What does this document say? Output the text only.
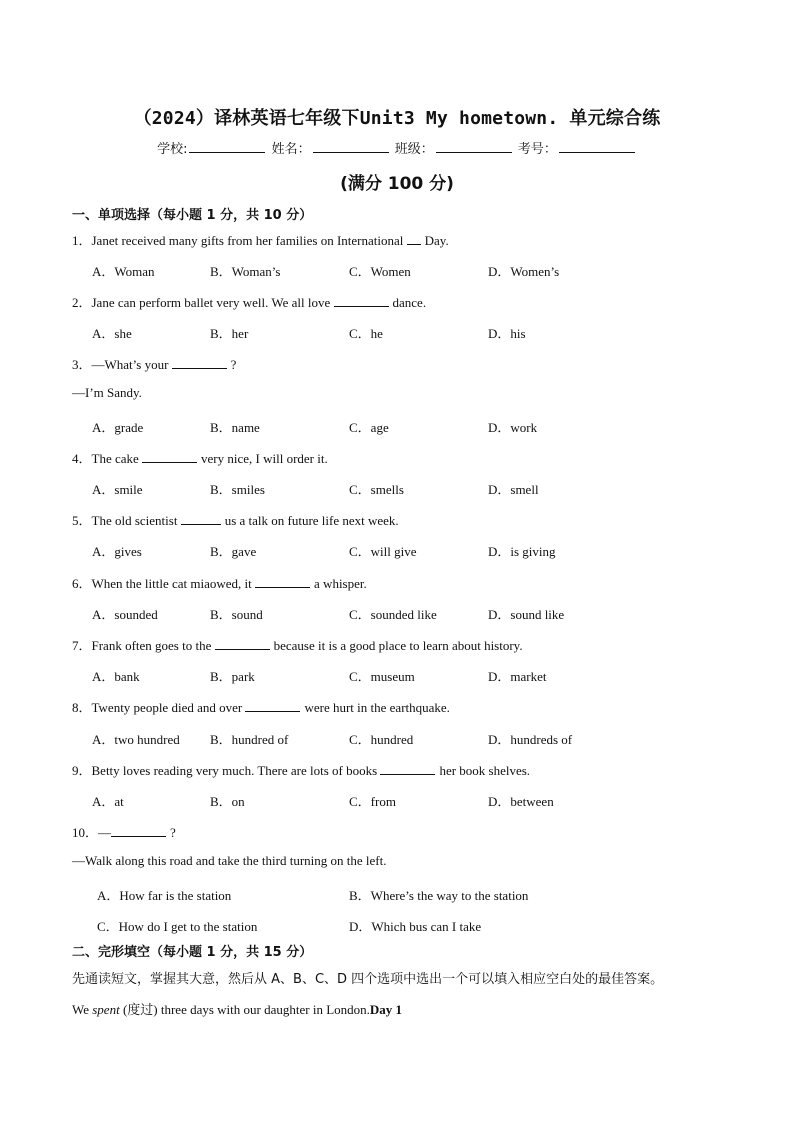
（2024）译林英语七年级下Unit3 My hometown. 单元综合练
学校:	姓名：	班级：	考号：
(满分 100 分)
一、单项选择（每小题 1 分，共 10 分）
1．Janet received many gifts from her families on International Day.
A．Woman	B．Woman’s	C．Women	D．Women’s
2．Jane can perform ballet very well. We all love	dance.
A．she	B．her	C．he	D．his
3．—What’s your	?
—I’m Sandy.
A．grade	B．name	C．age	D．work
4．The cake	very nice, I will order it.
A．smile	B．smiles	C．smells	D．smell
5．The old scientist	us a talk on future life next week.
A．gives	B．gave	C．will give	D．is giving
6．When the little cat miaowed, it	a whisper.
A．sounded	B．sound	C．sounded like	D．sound like
7．Frank often goes to the	because it is a good place to learn about history.
A．bank	B．park	C．museum	D．market
8．Twenty people died and over	were hurt in the earthquake.
A．two hundred B．hundred of	C．hundred	D．hundreds of
9．Betty loves reading very much. There are lots of books	her book shelves.
A．at	B．on	C．from	D．between
10．—	?
—Walk along this road and take the third turning on the left.
A．How far is the station	B．Where’s the way to the station
C．How do I get to the station	D．Which bus can I take
二、完形填空（每小题 1 分，共 15 分）
先通读短文，掌握其大意，然后从 A、B、C、D 四个选项中选出一个可以填入相应空白处的最佳答案。
We spent (度过) three days with our daughter in London.Day 1
